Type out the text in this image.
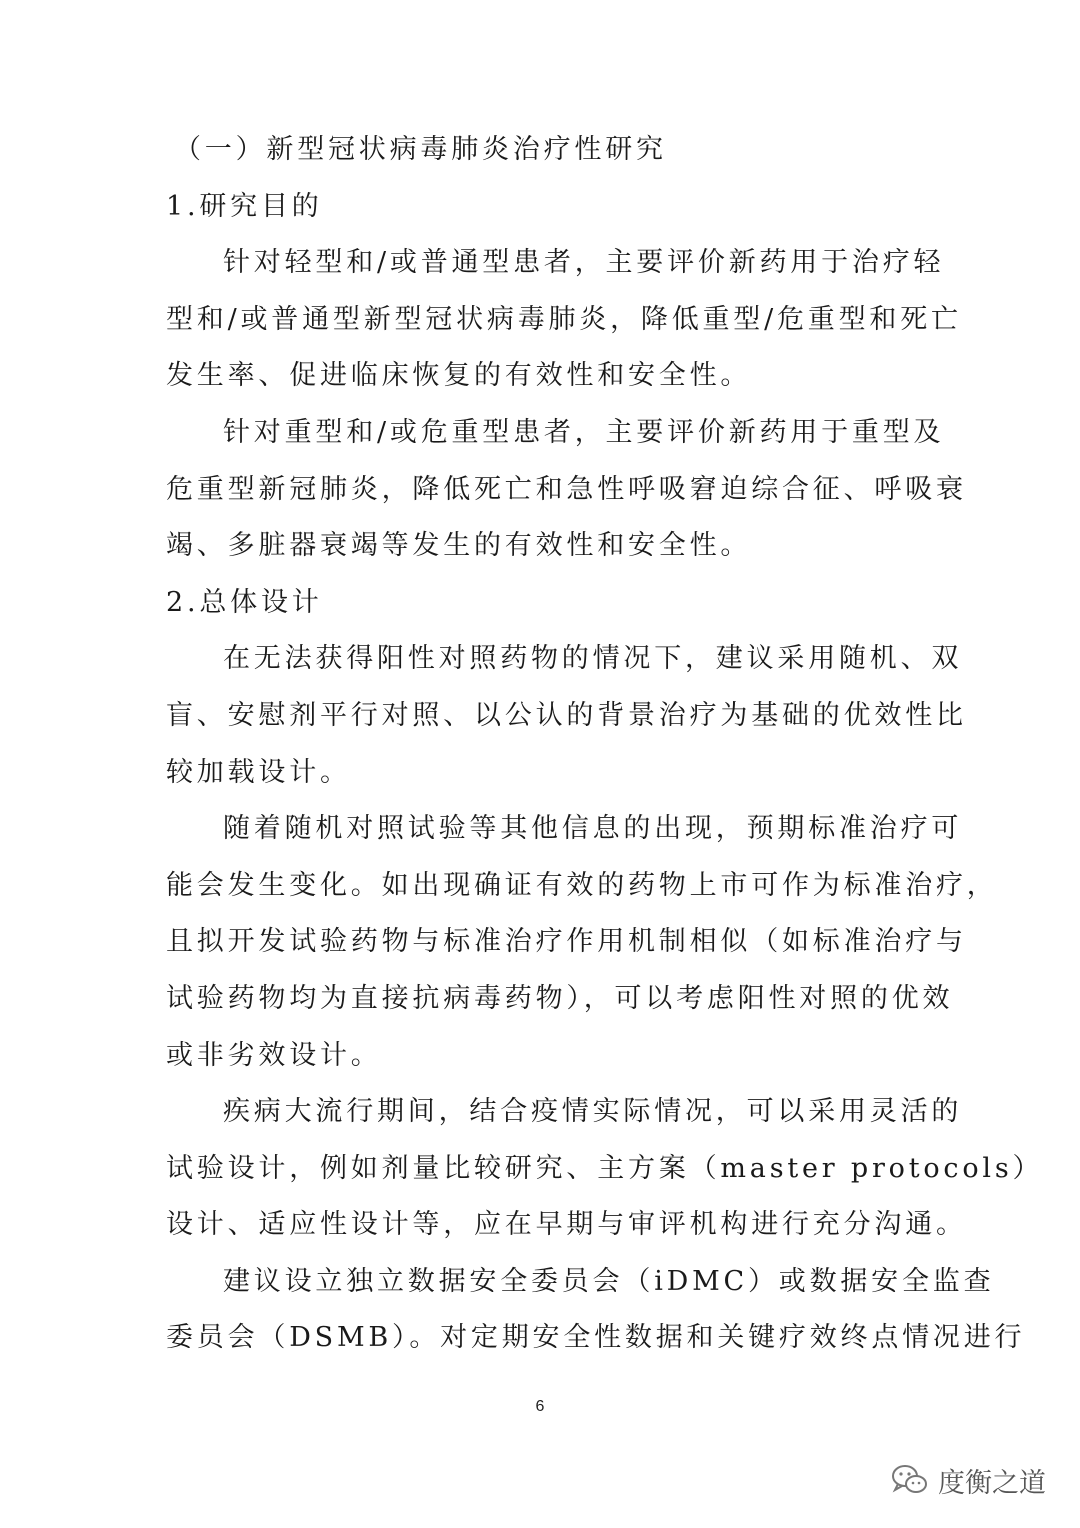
（一）新型冠状病毒肺炎治疗性研究
1.研究目的
针对轻型和/或普通型患者，主要评价新药用于治疗轻
型和/或普通型新型冠状病毒肺炎，降低重型/危重型和死亡
发生率、促进临床恢复的有效性和安全性。
针对重型和/或危重型患者，主要评价新药用于重型及
危重型新冠肺炎，降低死亡和急性呼吸窘迫综合征、呼吸衰
竭、多脏器衰竭等发生的有效性和安全性。
2.总体设计
在无法获得阳性对照药物的情况下，建议采用随机、双
盲、安慰剂平行对照、以公认的背景治疗为基础的优效性比
较加载设计。
随着随机对照试验等其他信息的出现，预期标准治疗可
能会发生变化。如出现确证有效的药物上市可作为标准治疗，
且拟开发试验药物与标准治疗作用机制相似（如标准治疗与
试验药物均为直接抗病毒药物），可以考虑阳性对照的优效
或非劣效设计。
疾病大流行期间，结合疫情实际情况，可以采用灵活的
试验设计，例如剂量比较研究、主方案（master protocols）
设计、适应性设计等，应在早期与审评机构进行充分沟通。
建议设立独立数据安全委员会（iDMC）或数据安全监查
委员会（DSMB）。对定期安全性数据和关键疗效终点情况进行
6
度衡之道
